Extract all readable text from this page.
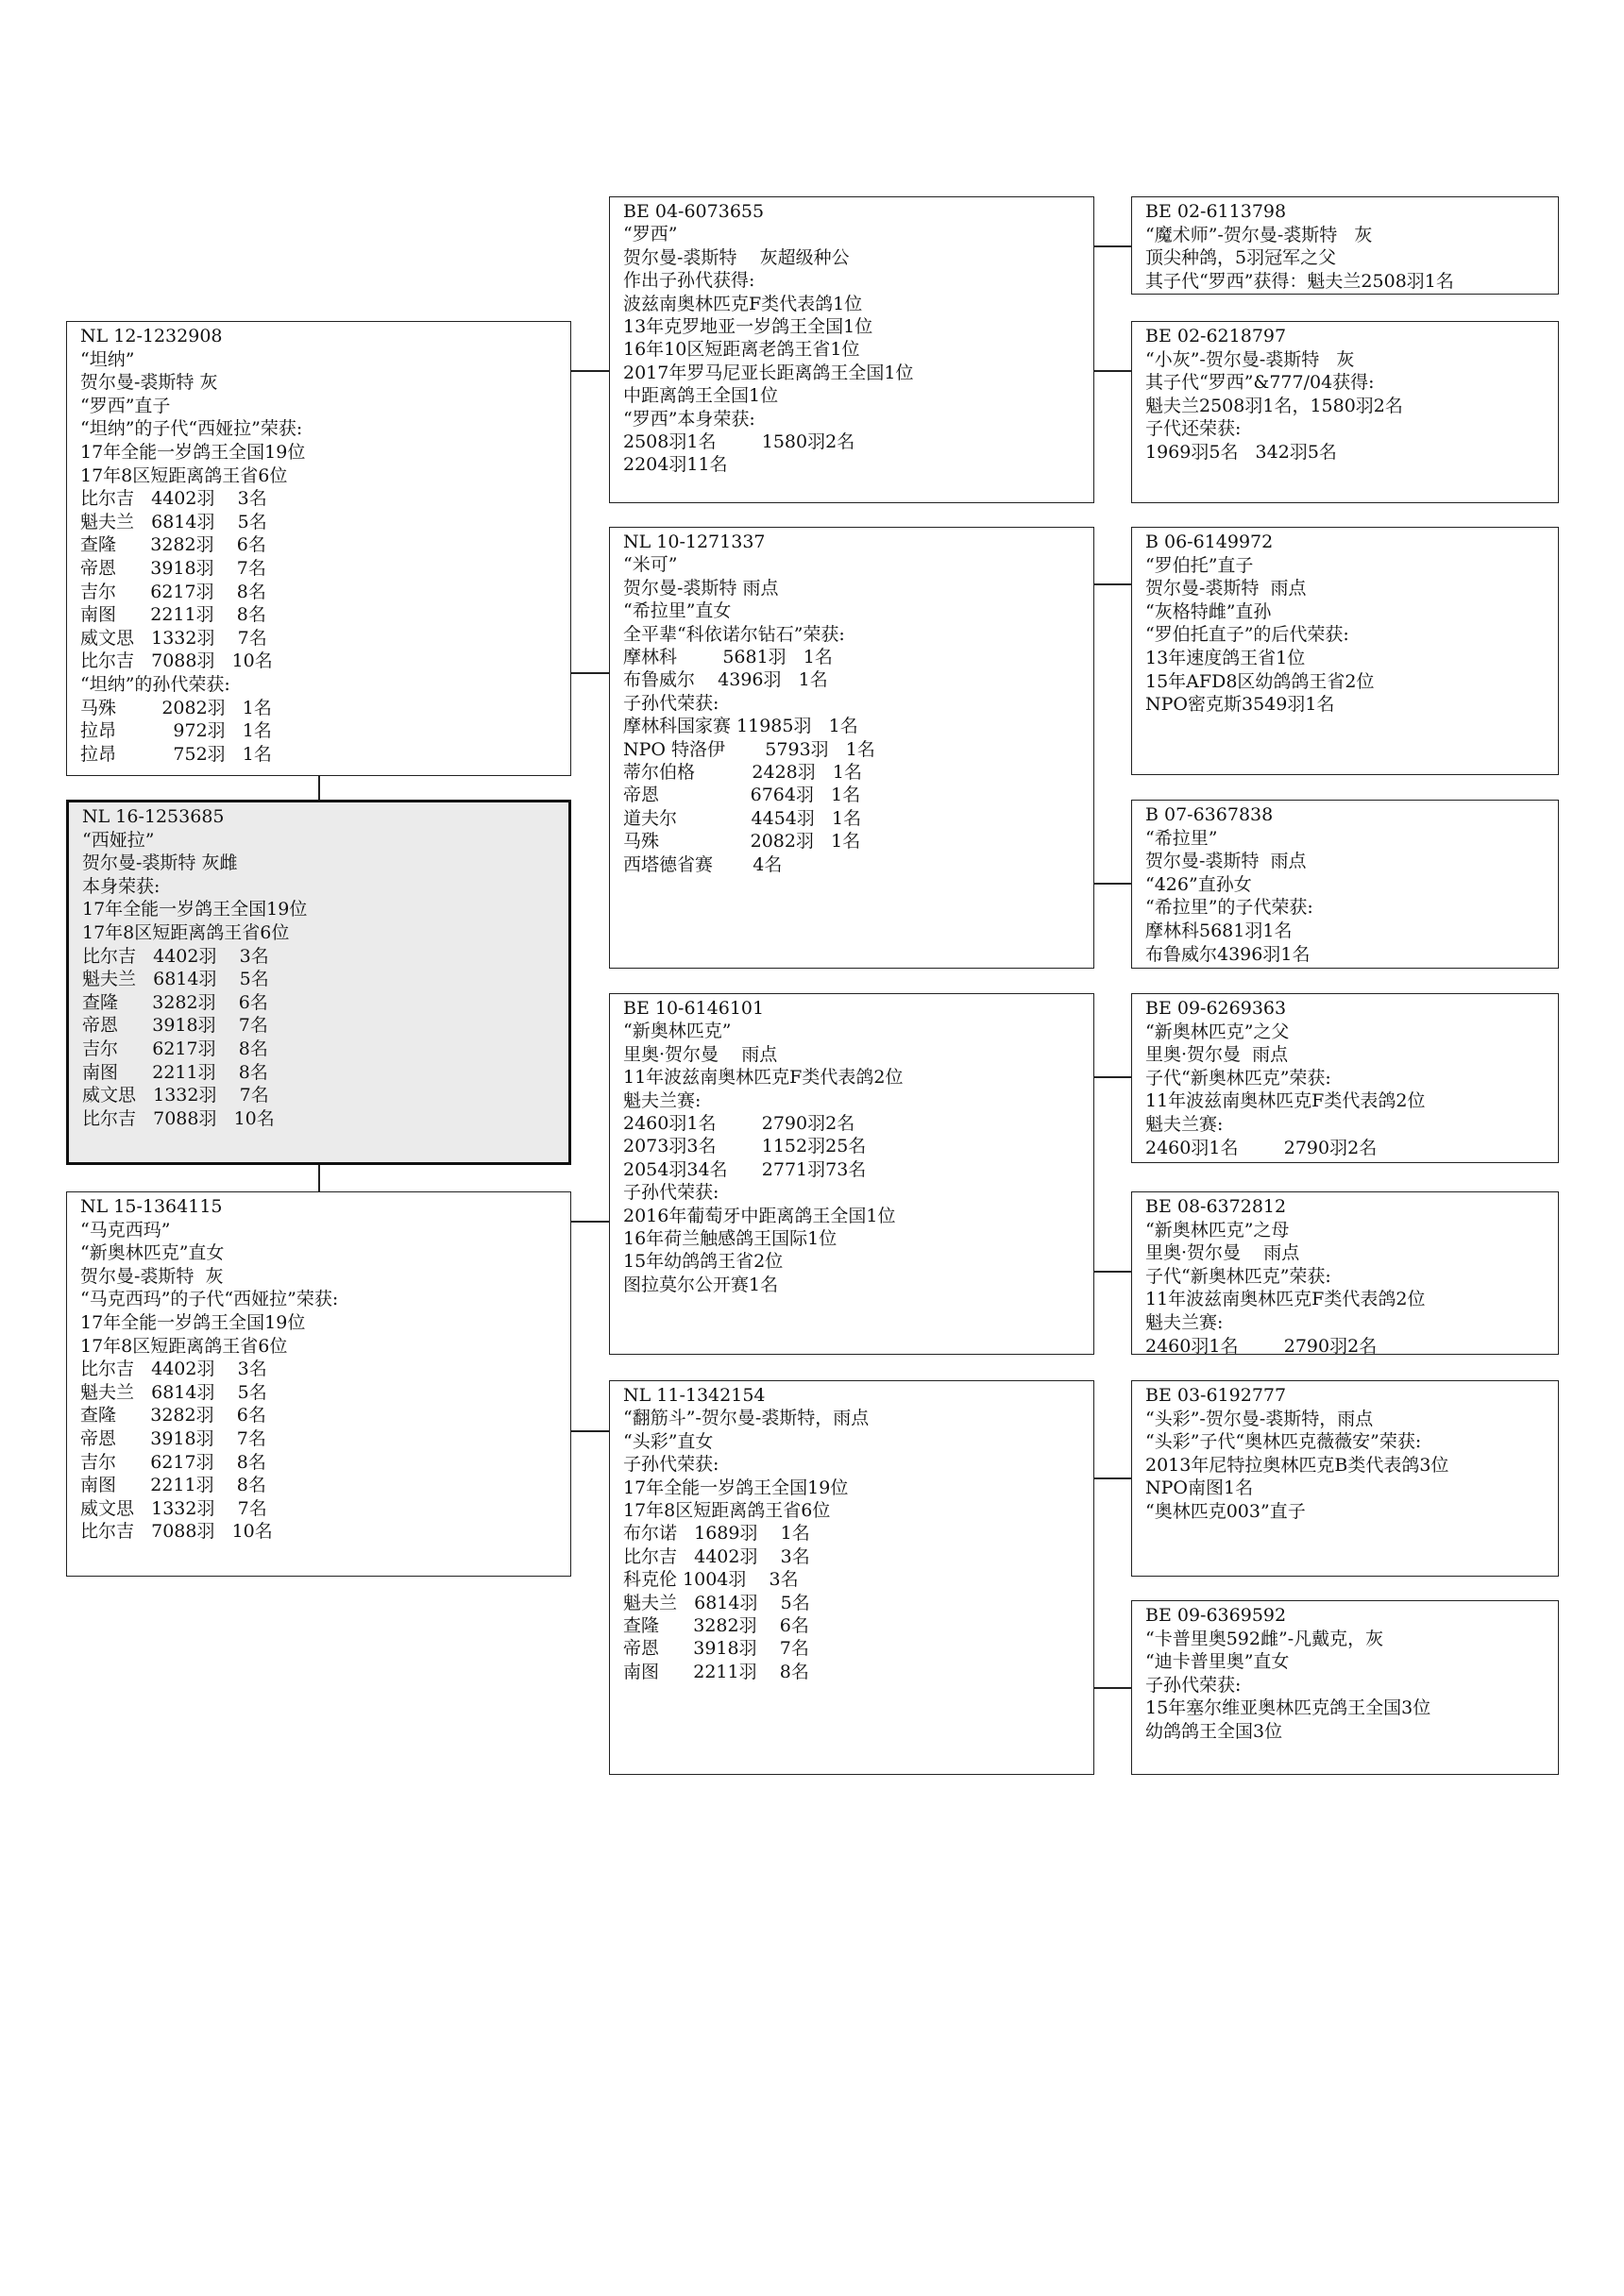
NL 12-1232908
“坦纳”
贺尔曼-裘斯特 灰
“罗西”直子
“坦纳”的子代“西娅拉”荣获:
17年全能一岁鸽王全国19位
17年8区短距离鸽王省6位
比尔吉   4402羽    3名
魁夫兰   6814羽    5名
查隆      3282羽    6名
帝恩      3918羽    7名
吉尔      6217羽    8名
南图      2211羽    8名
威文思   1332羽    7名
比尔吉   7088羽   10名
“坦纳”的孙代荣获:
马殊        2082羽   1名
拉昂          972羽   1名
拉昂          752羽   1名
NL 16-1253685
“西娅拉”
贺尔曼-裘斯特 灰雌
本身荣获:
17年全能一岁鸽王全国19位
17年8区短距离鸽王省6位
比尔吉   4402羽    3名
魁夫兰   6814羽    5名
查隆      3282羽    6名
帝恩      3918羽    7名
吉尔      6217羽    8名
南图      2211羽    8名
威文思   1332羽    7名
比尔吉   7088羽   10名
NL 15-1364115
“马克西玛”
“新奥林匹克”直女
贺尔曼-裘斯特  灰
“马克西玛”的子代“西娅拉”荣获:
17年全能一岁鸽王全国19位
17年8区短距离鸽王省6位
比尔吉   4402羽    3名
魁夫兰   6814羽    5名
查隆      3282羽    6名
帝恩      3918羽    7名
吉尔      6217羽    8名
南图      2211羽    8名
威文思   1332羽    7名
比尔吉   7088羽   10名
BE 04-6073655
“罗西”
贺尔曼-裘斯特    灰超级种公
作出子孙代获得:
波兹南奥林匹克F类代表鸽1位
13年克罗地亚一岁鸽王全国1位
16年10区短距离老鸽王省1位
2017年罗马尼亚长距离鸽王全国1位
中距离鸽王全国1位
“罗西”本身荣获:
2508羽1名        1580羽2名
2204羽11名
NL 10-1271337
“米可”
贺尔曼-裘斯特 雨点
“希拉里”直女
全平辈“科依诺尔钻石”荣获:
摩林科        5681羽   1名
布鲁威尔    4396羽   1名
子孙代荣获:
摩林科国家赛 11985羽   1名
NPO 特洛伊       5793羽   1名
蒂尔伯格          2428羽   1名
帝恩                6764羽   1名
道夫尔             4454羽   1名
马殊                2082羽   1名
西塔德省赛       4名
BE 10-6146101
“新奥林匹克”
里奥·贺尔曼    雨点
11年波兹南奥林匹克F类代表鸽2位
魁夫兰赛:
2460羽1名        2790羽2名
2073羽3名        1152羽25名
2054羽34名      2771羽73名
子孙代荣获:
2016年葡萄牙中距离鸽王全国1位
16年荷兰触感鸽王国际1位
15年幼鸽鸽王省2位
图拉莫尔公开赛1名
NL 11-1342154
“翻筋斗”-贺尔曼-裘斯特，雨点
“头彩”直女
子孙代荣获:
17年全能一岁鸽王全国19位
17年8区短距离鸽王省6位
布尔诺   1689羽    1名
比尔吉   4402羽    3名
科克伦 1004羽    3名
魁夫兰   6814羽    5名
查隆      3282羽    6名
帝恩      3918羽    7名
南图      2211羽    8名
BE 02-6113798
“魔术师”-贺尔曼-裘斯特   灰
顶尖种鸽，5羽冠军之父
其子代“罗西”获得：魁夫兰2508羽1名
BE 02-6218797
“小灰”-贺尔曼-裘斯特   灰
其子代“罗西”&777/04获得:
魁夫兰2508羽1名，1580羽2名
子代还荣获:
1969羽5名   342羽5名
B 06-6149972
“罗伯托”直子
贺尔曼-裘斯特  雨点
“灰格特雌”直孙
“罗伯托直子”的后代荣获:
13年速度鸽王省1位
15年AFD8区幼鸽鸽王省2位
NPO密克斯3549羽1名
B 07-6367838
“希拉里”
贺尔曼-裘斯特  雨点
“426”直孙女
“希拉里”的子代荣获:
摩林科5681羽1名
布鲁威尔4396羽1名
BE 09-6269363
“新奥林匹克”之父
里奥·贺尔曼  雨点
子代“新奥林匹克”荣获:
11年波兹南奥林匹克F类代表鸽2位
魁夫兰赛:
2460羽1名        2790羽2名
BE 08-6372812
“新奥林匹克”之母
里奥·贺尔曼    雨点
子代“新奥林匹克”荣获:
11年波兹南奥林匹克F类代表鸽2位
魁夫兰赛:
2460羽1名        2790羽2名
BE 03-6192777
“头彩”-贺尔曼-裘斯特，雨点
“头彩”子代“奥林匹克薇薇安”荣获:
2013年尼特拉奥林匹克B类代表鸽3位
NPO南图1名
“奥林匹克003”直子
BE 09-6369592
“卡普里奥592雌”-凡戴克，灰
“迪卡普里奥”直女
子孙代荣获:
15年塞尔维亚奥林匹克鸽王全国3位
幼鸽鸽王全国3位
